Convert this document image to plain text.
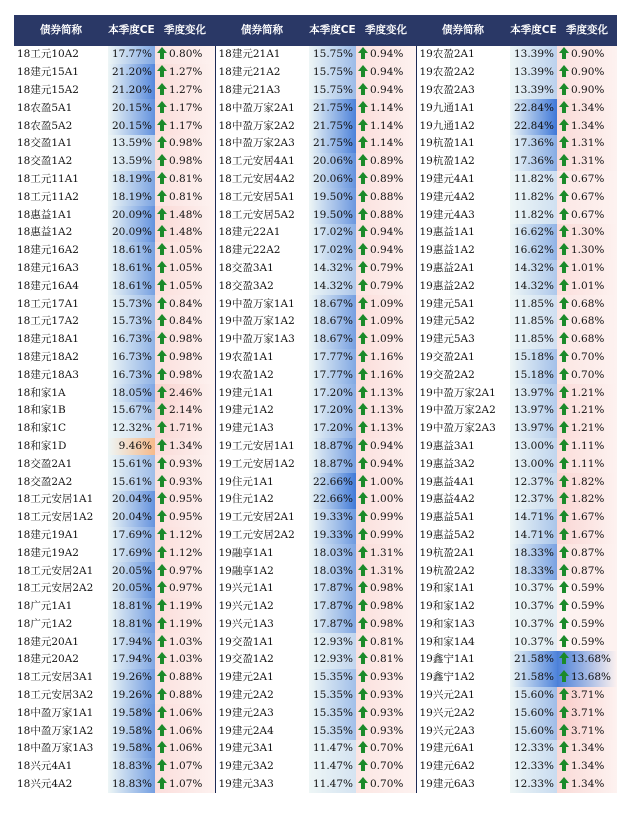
债券简称	本季度CE	季度变化	债券简称	本季度CE	季度变化	债券简称	本季度CE	季度变化
18工元10A2	17.77%	0.80%	18建元21A1	15.75%	0.94%	19农盈2A1	13.39%	0.90%
18建元15A1	21.20%	1.27%	18建元21A2	15.75%	0.94%	19农盈2A2	13.39%	0.90%
18建元15A2	21.20%	1.27%	18建元21A3	15.75%	0.94%	19农盈2A3	13.39%	0.90%
18农盈5A1	20.15%	1.17%	18中盈万家2A1	21.75%	1.14%	19九通1A1	22.84%	1.34%
18农盈5A2	20.15%	1.17%	18中盈万家2A2	21.75%	1.14%	19九通1A2	22.84%	1.34%
18交盈1A1	13.59%	0.98%	18中盈万家2A3	21.75%	1.14%	19杭盈1A1	17.36%	1.31%
18交盈1A2	13.59%	0.98%	18工元安居4A1	20.06%	0.89%	19杭盈1A2	17.36%	1.31%
18工元11A1	18.19%	0.81%	18工元安居4A2	20.06%	0.89%	19建元4A1	11.82%	0.67%
18工元11A2	18.19%	0.81%	18工元安居5A1	19.50%	0.88%	19建元4A2	11.82%	0.67%
18惠益1A1	20.09%	1.48%	18工元安居5A2	19.50%	0.88%	19建元4A3	11.82%	0.67%
18惠益1A2	20.09%	1.48%	18建元22A1	17.02%	0.94%	19惠益1A1	16.62%	1.30%
18建元16A2	18.61%	1.05%	18建元22A2	17.02%	0.94%	19惠益1A2	16.62%	1.30%
18建元16A3	18.61%	1.05%	18交盈3A1	14.32%	0.79%	19惠益2A1	14.32%	1.01%
18建元16A4	18.61%	1.05%	18交盈3A2	14.32%	0.79%	19惠益2A2	14.32%	1.01%
18工元17A1	15.73%	0.84%	19中盈万家1A1	18.67%	1.09%	19建元5A1	11.85%	0.68%
18工元17A2	15.73%	0.84%	19中盈万家1A2	18.67%	1.09%	19建元5A2	11.85%	0.68%
18建元18A1	16.73%	0.98%	19中盈万家1A3	18.67%	1.09%	19建元5A3	11.85%	0.68%
18建元18A2	16.73%	0.98%	19农盈1A1	17.77%	1.16%	19交盈2A1	15.18%	0.70%
18建元18A3	16.73%	0.98%	19农盈1A2	17.77%	1.16%	19交盈2A2	15.18%	0.70%
18和家1A	18.05%	2.46%	19建元1A1	17.20%	1.13%	19中盈万家2A1	13.97%	1.21%
18和家1B	15.67%	2.14%	19建元1A2	17.20%	1.13%	19中盈万家2A2	13.97%	1.21%
18和家1C	12.32%	1.71%	19建元1A3	17.20%	1.13%	19中盈万家2A3	13.97%	1.21%
18和家1D	9.46%	1.34%	19工元安居1A1	18.87%	0.94%	19惠益3A1	13.00%	1.11%
18交盈2A1	15.61%	0.93%	19工元安居1A2	18.87%	0.94%	19惠益3A2	13.00%	1.11%
18交盈2A2	15.61%	0.93%	19住元1A1	22.66%	1.00%	19惠益4A1	12.37%	1.82%
18工元安居1A1	20.04%	0.95%	19住元1A2	22.66%	1.00%	19惠益4A2	12.37%	1.82%
18工元安居1A2	20.04%	0.95%	19工元安居2A1	19.33%	0.99%	19惠益5A1	14.71%	1.67%
18建元19A1	17.69%	1.12%	19工元安居2A2	19.33%	0.99%	19惠益5A2	14.71%	1.67%
18建元19A2	17.69%	1.12%	19融享1A1	18.03%	1.31%	19杭盈2A1	18.33%	0.87%
18工元安居2A1	20.05%	0.97%	19融享1A2	18.03%	1.31%	19杭盈2A2	18.33%	0.87%
18工元安居2A2	20.05%	0.97%	19兴元1A1	17.87%	0.98%	19和家1A1	10.37%	0.59%
18广元1A1	18.81%	1.19%	19兴元1A2	17.87%	0.98%	19和家1A2	10.37%	0.59%
18广元1A2	18.81%	1.19%	19兴元1A3	17.87%	0.98%	19和家1A3	10.37%	0.59%
18建元20A1	17.94%	1.03%	19交盈1A1	12.93%	0.81%	19和家1A4	10.37%	0.59%
18建元20A2	17.94%	1.03%	19交盈1A2	12.93%	0.81%	19鑫宁1A1	21.58%	13.68%
18工元安居3A1	19.26%	0.88%	19建元2A1	15.35%	0.93%	19鑫宁1A2	21.58%	13.68%
18工元安居3A2	19.26%	0.88%	19建元2A2	15.35%	0.93%	19兴元2A1	15.60%	3.71%
18中盈万家1A1	19.58%	1.06%	19建元2A3	15.35%	0.93%	19兴元2A2	15.60%	3.71%
18中盈万家1A2	19.58%	1.06%	19建元2A4	15.35%	0.93%	19兴元2A3	15.60%	3.71%
18中盈万家1A3	19.58%	1.06%	19建元3A1	11.47%	0.70%	19建元6A1	12.33%	1.34%
18兴元4A1	18.83%	1.07%	19建元3A2	11.47%	0.70%	19建元6A2	12.33%	1.34%
18兴元4A2	18.83%	1.07%	19建元3A3	11.47%	0.70%	19建元6A3	12.33%	1.34%
